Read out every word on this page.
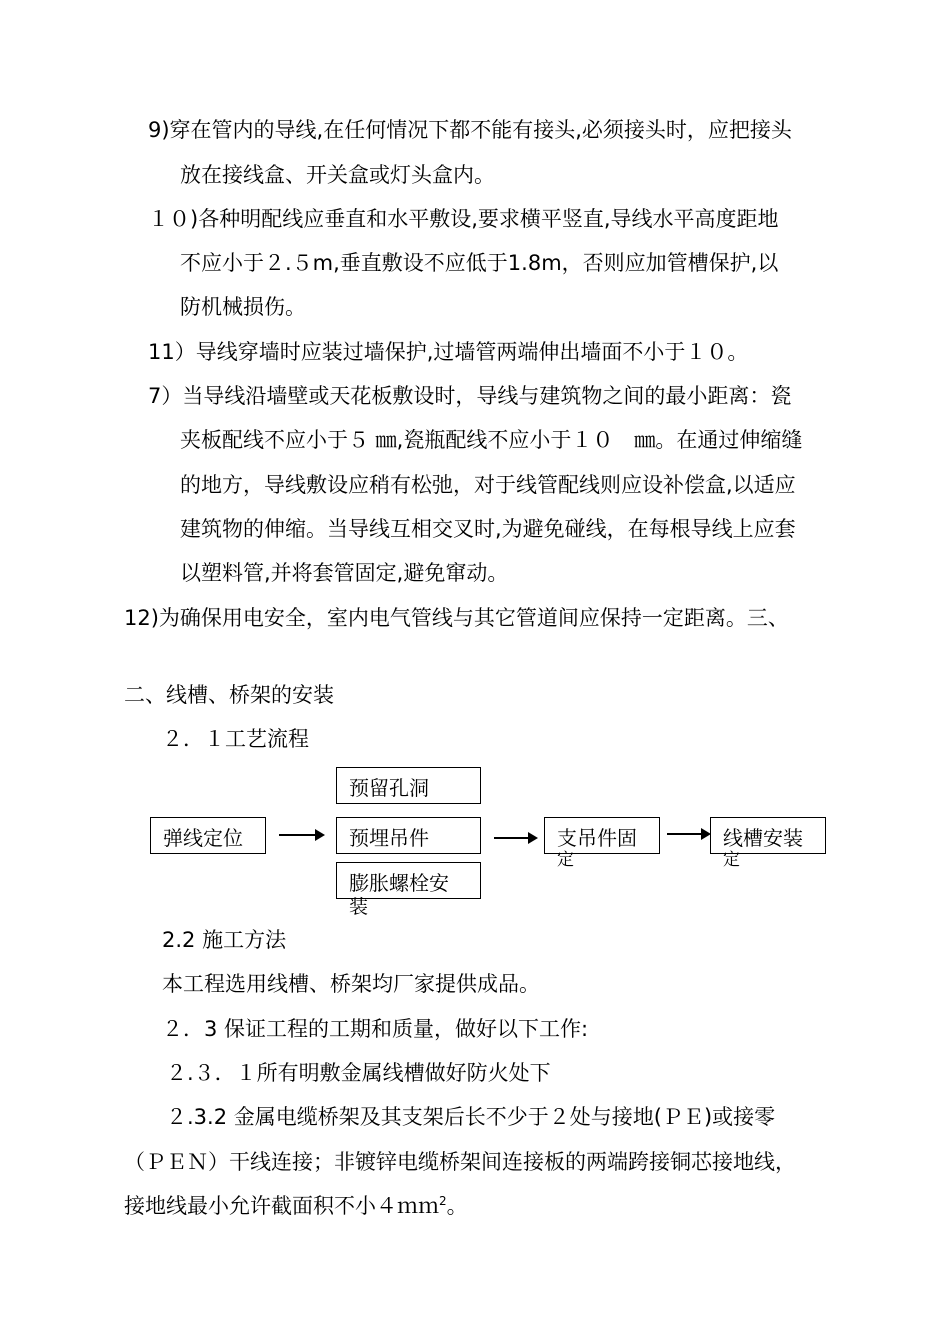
9)穿在管内的导线,在任何情况下都不能有接头,必须接头时，应把接头
放在接线盒、开关盒或灯头盒内。
１０)各种明配线应垂直和水平敷设,要求横平竖直,导线水平高度距地
不应小于２.５m,垂直敷设不应低于1.8m，否则应加管槽保护,以
防机械损伤。
11）导线穿墙时应装过墙保护,过墙管两端伸出墙面不小于１０。
7）当导线沿墙壁或天花板敷设时，导线与建筑物之间的最小距离：瓷
夹板配线不应小于５ ㎜,瓷瓶配线不应小于１０　㎜。在通过伸缩缝
的地方，导线敷设应稍有松弛，对于线管配线则应设补偿盒,以适应
建筑物的伸缩。当导线互相交叉时,为避免碰线，在每根导线上应套
以塑料管,并将套管固定,避免窜动。
12)为确保用电安全，室内电气管线与其它管道间应保持一定距离。三、
二、线槽、桥架的安装
２．１工艺流程
弹线定位
预留孔洞
预埋吊件
膨胀螺栓安
装
支吊件固
定
线槽安装
定
2.2 施工方法
本工程选用线槽、桥架均厂家提供成品。
２．3 保证工程的工期和质量，做好以下工作:
２.３．１所有明敷金属线槽做好防火处下
２.3.2 金属电缆桥架及其支架后长不少于２处与接地(ＰＥ)或接零
（ＰＥＮ）干线连接；非镀锌电缆桥架间连接板的两端跨接铜芯接地线，
接地线最小允许截面积不小４ｍｍ$^2$。
